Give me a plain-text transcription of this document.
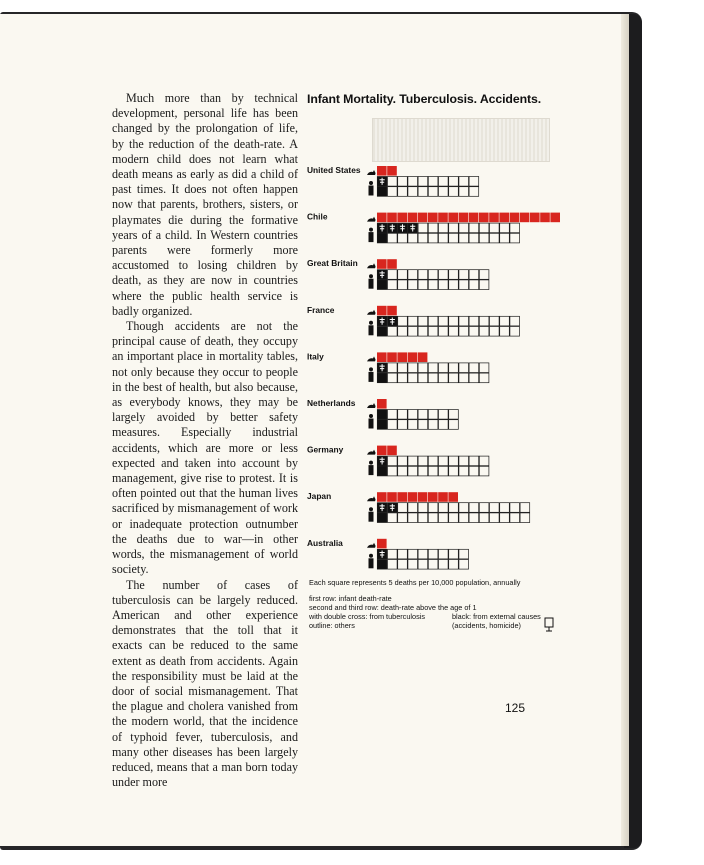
Much more than by technical development, personal life has been changed by the prolongation of life, by the reduction of the death-rate. A modern child does not learn what death means as early as did a child of past times. It does not often happen now that parents, brothers, sisters, or playmates die during the formative years of a child. In Western countries parents were formerly more accustomed to losing children by death, as they are now in countries where the public health service is badly organized.

Though accidents are not the principal cause of death, they occupy an important place in mortality tables, not only because they occur to people in the best of health, but also because, as everybody knows, they may be largely avoided by better safety measures. Especially industrial accidents, which are more or less expected and taken into account by management, give rise to protest. It is often pointed out that the human lives sacrificed by mismanagement of work or inadequate protection outnumber the deaths due to war—in other words, the mismanagement of world society.

The number of cases of tuberculosis can be largely reduced. American and other experience demonstrates that the toll that it exacts can be reduced to the same extent as death from accidents. Again the responsibility must be laid at the door of social mismanagement. That the plague and cholera vanished from the modern world, that the incidence of typhoid fever, tuberculosis, and many other diseases has been largely reduced, means that a man born today under more

Infant Mortality. Tuberculosis. Accidents.
United States
Chile
Great Britain
France
Italy
Netherlands
Germany
Japan
Australia
Each square represents 5 deaths per 10,000 population, annually
first row: infant death-rate
second and third row: death-rate above the age of 1
with double cross: from tuberculosis	black: from external causes
outline: others	(accidents, homicide)
125
